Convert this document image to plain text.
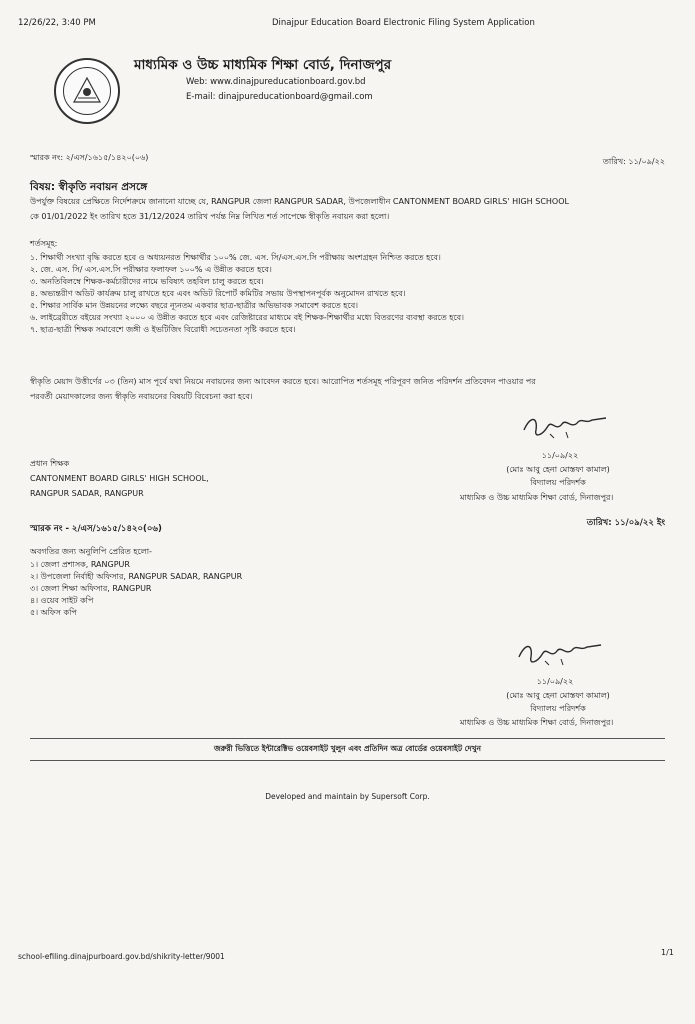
12/26/22, 3:40 PM	Dinajpur Education Board Electronic Filing System Application
মাধ্যমিক ও উচ্চ মাধ্যমিক শিক্ষা বোর্ড, দিনাজপুর
Web: www.dinajpureducationboard.gov.bd
E-mail: dinajpureducationboard@gmail.com
স্মারক নং: ২/এস/১৬১৫/১৪২০(০৬)	তারিখ: ১১/০৯/২২
বিষয়: স্বীকৃতি নবায়ন প্রসঙ্গে
উপর্যুক্ত বিষয়ের প্রেক্ষিতে নির্দেশক্রমে জানানো যাচ্ছে যে, RANGPUR জেলা RANGPUR SADAR, উপজেলাধীন CANTONMENT BOARD GIRLS' HIGH SCHOOL
কে 01/01/2022 ইং তারিখ হতে 31/12/2024 তারিখ পর্যন্ত নিম্ন লিখিত শর্ত সাপেক্ষে স্বীকৃতি নবায়ন করা হলো।
শর্তসমূহ:
১. শিক্ষার্থী সংখ্যা বৃদ্ধি করতে হবে ও অধ্যয়নরত শিক্ষার্থীর ১০০% জে. এস. সি/এস.এস.সি পরীক্ষায় অংশগ্রহন নিশ্চিত করতে হবে।
২. জে. এস. সি/ এস.এস.সি পরীক্ষার ফলাফল ১০০% এ উন্নীত করতে হবে।
৩. অনতিবিলম্বে শিক্ষক-কর্মচারীদের নামে ভবিষ্যৎ তহবিল চালু করতে হবে।
৪. অভ্যন্তরীণ অডিট কার্যক্রম চালু রাখতে হবে এবং অডিট রিপোর্ট কমিটির সভায় উপস্থাপনপূর্বক অনুমোদন রাখতে হবে।
৫. শিক্ষার সার্বিক মান উন্নয়নের লক্ষ্যে বছরে ন্যূনতম একবার ছাত্র-ছাত্রীর অভিভাবক সমাবেশ করতে হবে।
৬. লাইব্রেরীতে বইয়ের সংখ্যা ২০০০ এ উন্নীত করতে হবে এবং রেজিষ্টারের মাধ্যমে বই শিক্ষক-শিক্ষার্থীর মধ্যে বিতরণের ব্যবস্থা করতে হবে।
৭. ছাত্র-ছাত্রী শিক্ষক সমাবেশে জঙ্গী ও ইভটিজিং বিরোধী সচেতনতা সৃষ্টি করতে হবে।
স্বীকৃতি মেয়াদ উত্তীর্ণের ০৩ (তিন) মাস পূর্বে যথা নিয়মে নবায়নের জন্য আবেদন করতে হবে। আরোপিত শর্তসমূহ পরিপূরণ জনিত পরিদর্শন প্রতিবেদন পাওয়ার পর
পরবর্তী মেয়াদকালের জন্য স্বীকৃতি নবায়নের বিষয়টি বিবেচনা করা হবে।
১১/০৯/২২
(মোঃ আবু হেনা মোস্তফা কামাল)
বিদ্যালয় পরিদর্শক
মাধ্যমিক ও উচ্চ মাধ্যমিক শিক্ষা বোর্ড, দিনাজপুর।
প্রধান শিক্ষক
CANTONMENT BOARD GIRLS' HIGH SCHOOL,
RANGPUR SADAR, RANGPUR
স্মারক নং - ২/এস/১৬১৫/১৪২০(০৬)
তারিখ: ১১/০৯/২২ ইং
অবগতির জন্য অনুলিপি প্রেরিত হলো-
১। জেলা প্রশাসক, RANGPUR
২। উপজেলা নির্বাহী অফিসার, RANGPUR SADAR, RANGPUR
৩। জেলা শিক্ষা অফিসার, RANGPUR
৪। ওয়েব সাইট কপি
৫। অফিস কপি
১১/০৯/২২
(মোঃ আবু হেনা মোস্তফা কামাল)
বিদ্যালয় পরিদর্শক
মাধ্যমিক ও উচ্চ মাধ্যমিক শিক্ষা বোর্ড, দিনাজপুর।
জরুরী ভিত্তিতে ইন্টারেক্টিভ ওয়েবসাইট খুলুন এবং প্রতিদিন অত্র বোর্ডের ওয়েবসাইট দেখুন
Developed and maintain by Supersoft Corp.
school-efiling.dinajpurboard.gov.bd/shikrity-letter/9001	1/1
